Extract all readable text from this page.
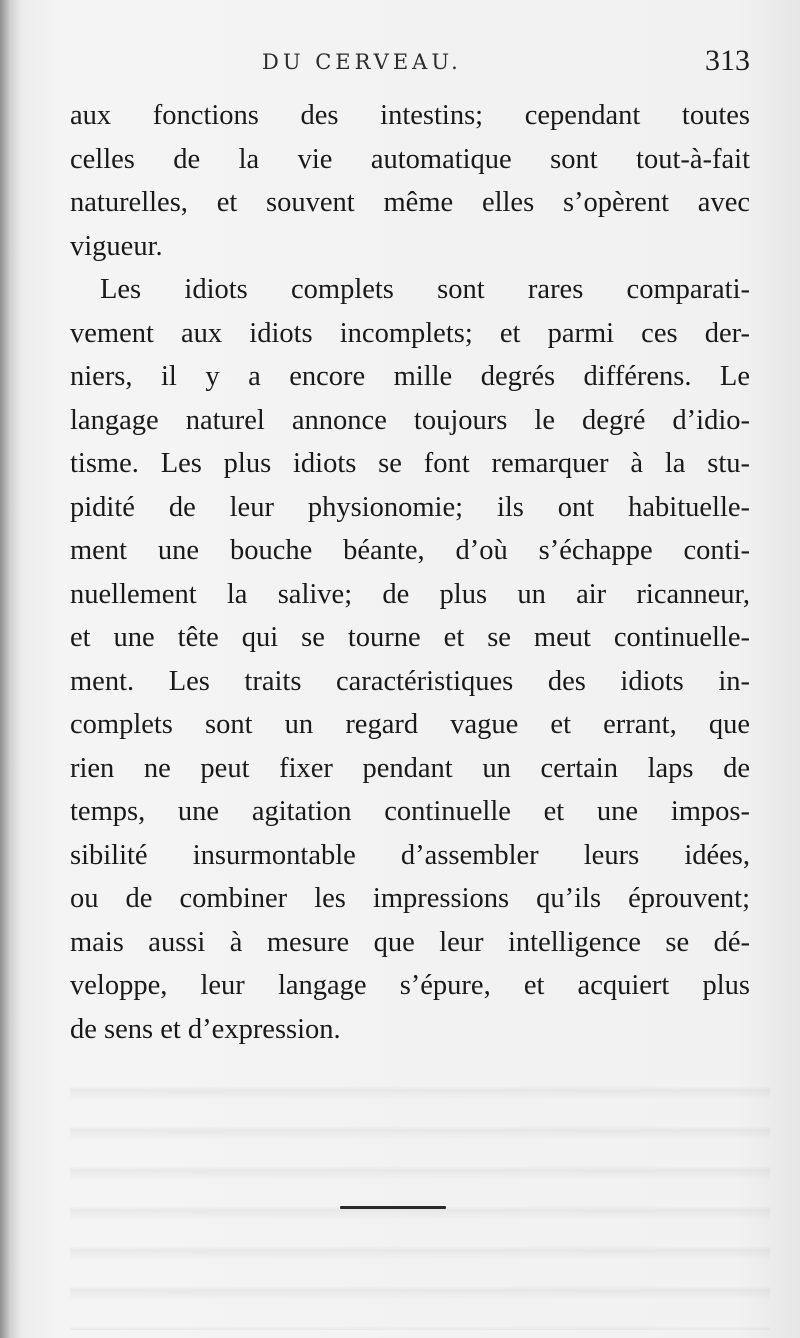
DU CERVEAU.	313
aux fonctions des intestins; cependant toutes
celles de la vie automatique sont tout-à-fait
naturelles, et souvent même elles s’opèrent avec
vigueur.
Les idiots complets sont rares comparati-
vement aux idiots incomplets; et parmi ces der-
niers, il y a encore mille degrés différens. Le
langage naturel annonce toujours le degré d’idio-
tisme. Les plus idiots se font remarquer à la stu-
pidité de leur physionomie; ils ont habituelle-
ment une bouche béante, d’où s’échappe conti-
nuellement la salive; de plus un air ricanneur,
et une tête qui se tourne et se meut continuelle-
ment. Les traits caractéristiques des idiots in-
complets sont un regard vague et errant, que
rien ne peut fixer pendant un certain laps de
temps, une agitation continuelle et une impos-
sibilité insurmontable d’assembler leurs idées,
ou de combiner les impressions qu’ils éprouvent;
mais aussi à mesure que leur intelligence se dé-
veloppe, leur langage s’épure, et acquiert plus
de sens et d’expression.
